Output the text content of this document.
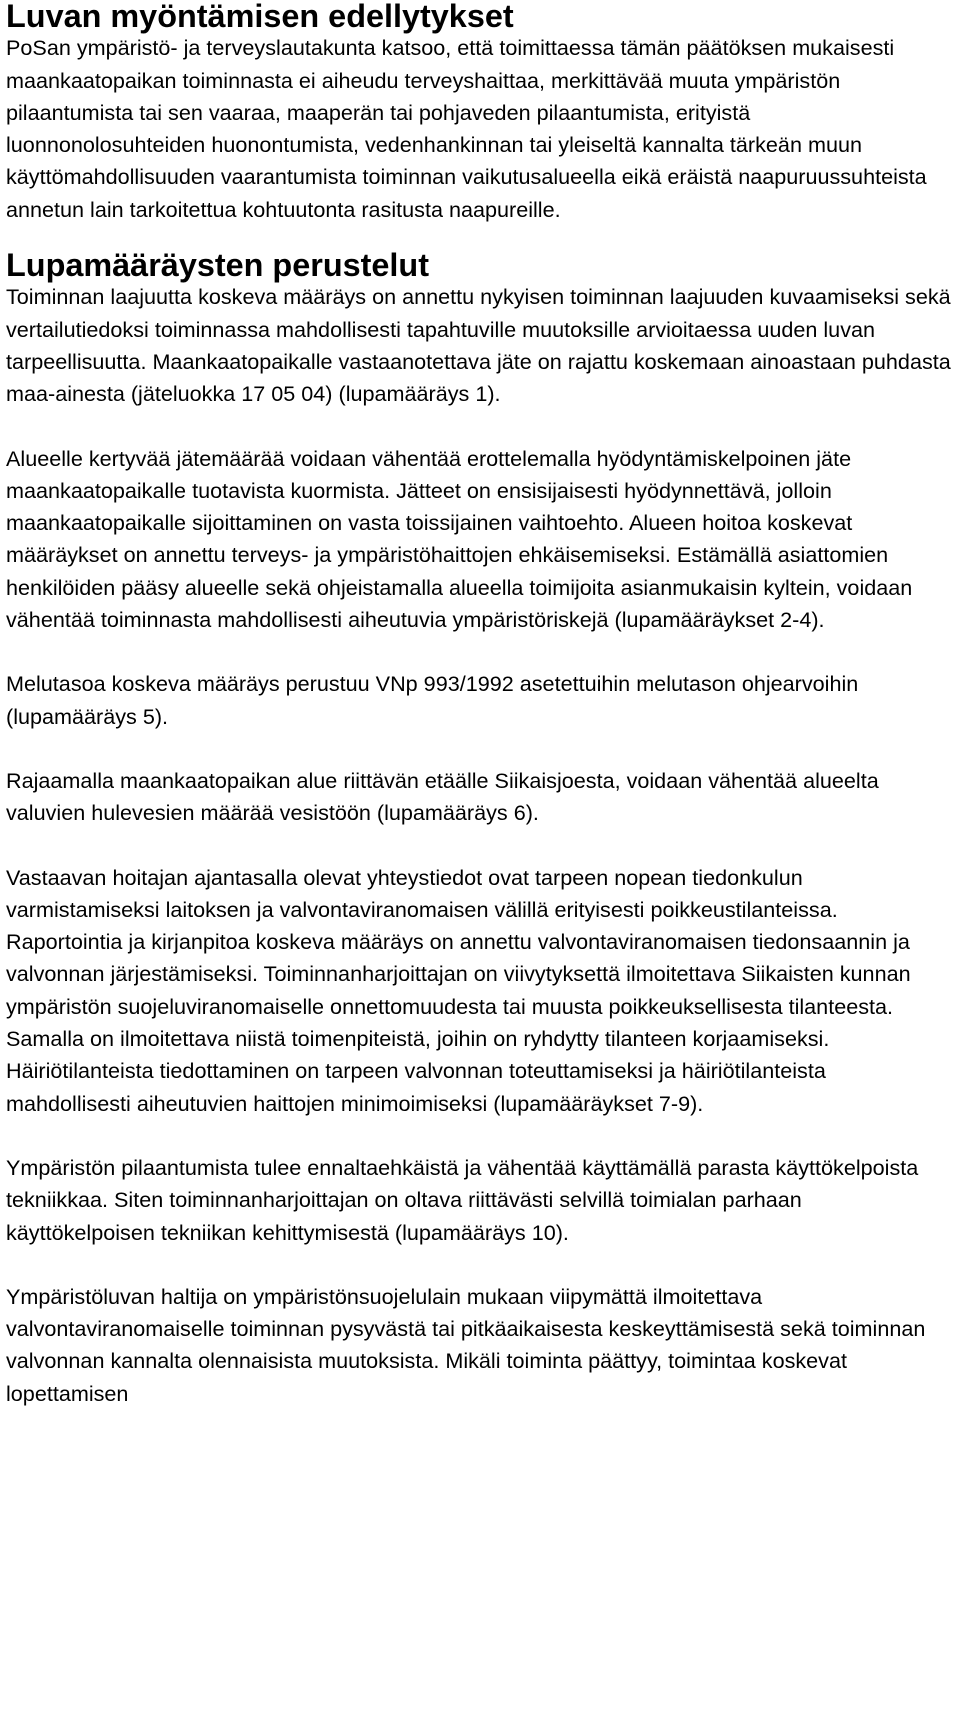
Luvan myöntämisen edellytykset

PoSan ympäristö- ja terveyslautakunta katsoo, että toimittaessa tämän päätöksen mukaisesti maankaatopaikan toiminnasta ei aiheudu terveyshaittaa, merkittävää muuta ympäristön pilaantumista tai sen vaaraa, maaperän tai pohjaveden pilaantumista, erityistä luonnonolosuhteiden huonontumista, vedenhankinnan tai yleiseltä kannalta tärkeän muun käyttömahdollisuuden vaarantumista toiminnan vaikutusalueella eikä eräistä naapuruussuhteista annetun lain tarkoitettua kohtuutonta rasitusta naapureille.

Lupamääräysten perustelut

Toiminnan laajuutta koskeva määräys on annettu nykyisen toiminnan laajuuden kuvaamiseksi sekä vertailutiedoksi toiminnassa mahdollisesti tapahtuville muutoksille arvioitaessa uuden luvan tarpeellisuutta. Maankaatopaikalle vastaanotettava jäte on rajattu koskemaan ainoastaan puhdasta maa-ainesta (jäteluokka 17 05 04) (lupamääräys 1).

Alueelle kertyvää jätemäärää voidaan vähentää erottelemalla hyödyntämiskelpoinen jäte maankaatopaikalle tuotavista kuormista. Jätteet on ensisijaisesti hyödynnettävä, jolloin maankaatopaikalle sijoittaminen on vasta toissijainen vaihtoehto. Alueen hoitoa koskevat määräykset on annettu terveys- ja ympäristöhaittojen ehkäisemiseksi. Estämällä asiattomien henkilöiden pääsy alueelle sekä ohjeistamalla alueella toimijoita asianmukaisin kyltein, voidaan vähentää toiminnasta mahdollisesti aiheutuvia ympäristöriskejä (lupamääräykset 2-4).

Melutasoa koskeva määräys perustuu VNp 993/1992 asetettuihin melutason ohjearvoihin (lupamääräys 5).

Rajaamalla maankaatopaikan alue riittävän etäälle Siikaisjoesta, voidaan vähentää alueelta valuvien hulevesien määrää vesistöön (lupamääräys 6).

Vastaavan hoitajan ajantasalla olevat yhteystiedot ovat tarpeen nopean tiedonkulun varmistamiseksi laitoksen ja valvontaviranomaisen välillä erityisesti poikkeustilanteissa. Raportointia ja kirjanpitoa koskeva määräys on annettu valvontaviranomaisen tiedonsaannin ja valvonnan järjestämiseksi. Toiminnanharjoittajan on viivytyksettä ilmoitettava Siikaisten kunnan ympäristön suojeluviranomaiselle onnettomuudesta tai muusta poikkeuksellisesta tilanteesta. Samalla on ilmoitettava niistä toimenpiteistä, joihin on ryhdytty tilanteen korjaamiseksi. Häiriötilanteista tiedottaminen on tarpeen valvonnan toteuttamiseksi ja häiriötilanteista mahdollisesti aiheutuvien haittojen minimoimiseksi (lupamääräykset 7-9).

Ympäristön pilaantumista tulee ennaltaehkäistä ja vähentää käyttämällä parasta käyttökelpoista tekniikkaa. Siten toiminnanharjoittajan on oltava riittävästi selvillä toimialan parhaan käyttökelpoisen tekniikan kehittymisestä (lupamääräys 10).

Ympäristöluvan haltija on ympäristönsuojelulain mukaan viipymättä ilmoitettava valvontaviranomaiselle toiminnan pysyvästä tai pitkäaikaisesta keskeyttämisestä sekä toiminnan valvonnan kannalta olennaisista muutoksista. Mikäli toiminta päättyy, toimintaa koskevat lopettamisen
